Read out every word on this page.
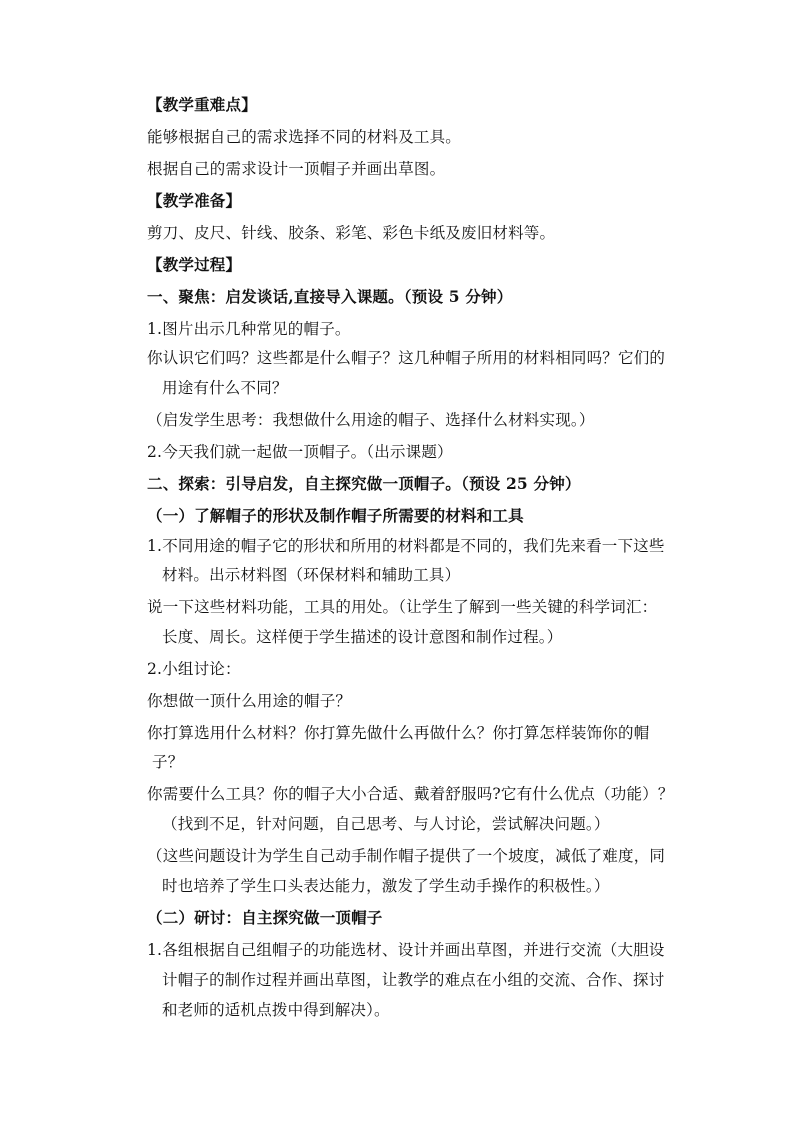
【教学重难点】
能够根据自己的需求选择不同的材料及工具。
根据自己的需求设计一顶帽子并画出草图。
【教学准备】
剪刀、皮尺、针线、胶条、彩笔、彩色卡纸及废旧材料等。
【教学过程】
一、聚焦：启发谈话,直接导入课题。（预设 5 分钟）
1.图片出示几种常见的帽子。
你认识它们吗？这些都是什么帽子？这几种帽子所用的材料相同吗？它们的
用途有什么不同？
（启发学生思考：我想做什么用途的帽子、选择什么材料实现。）
2.今天我们就一起做一顶帽子。（出示课题）
二、探索：引导启发，自主探究做一顶帽子。（预设 25 分钟）
（一）了解帽子的形状及制作帽子所需要的材料和工具
1.不同用途的帽子它的形状和所用的材料都是不同的，我们先来看一下这些
材料。出示材料图（环保材料和辅助工具）
说一下这些材料功能，工具的用处。（让学生了解到一些关键的科学词汇：
长度、周长。这样便于学生描述的设计意图和制作过程。）
2.小组讨论：
你想做一顶什么用途的帽子？
你打算选用什么材料？你打算先做什么再做什么？你打算怎样装饰你的帽
子？
你需要什么工具？你的帽子大小合适、戴着舒服吗?它有什么优点（功能）？
（找到不足，针对问题，自己思考、与人讨论，尝试解决问题。）
（这些问题设计为学生自己动手制作帽子提供了一个坡度，减低了难度，同
时也培养了学生口头表达能力，激发了学生动手操作的积极性。）
（二）研讨：自主探究做一顶帽子
1.各组根据自己组帽子的功能选材、设计并画出草图，并进行交流（大胆设
计帽子的制作过程并画出草图，让教学的难点在小组的交流、合作、探讨
和老师的适机点拨中得到解决）。
